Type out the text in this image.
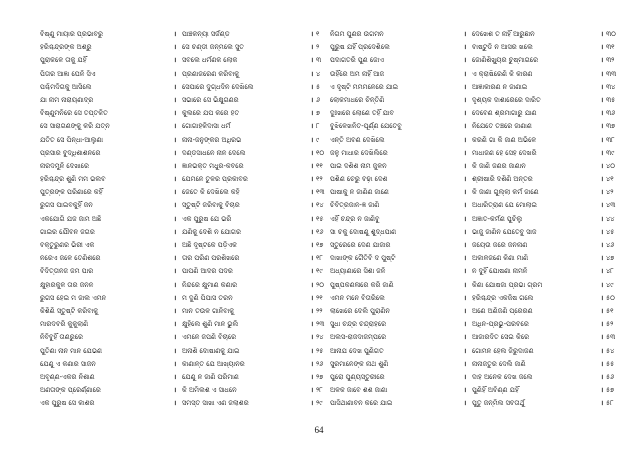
ବିଷ୍ଣୁ ମାୟାର ପ୍ରଭାବରୁ	। ପାଞ୍ଚକନ୍ୟା ସର୍ଜଣ୍ଡ	। ୧
ହରିଶ୍ଚନ୍ଦ୍ରଙ୍କ ଅଶ୍ରୁ	। ସେ ଚଣ୍ଡୀ ଜନ୍ମଲେ ସୁତ	। ୨
ପୁରାକଳେ ତାକୁ ଯହିଁ	। ସବଲେ ଧର୍ମଣକ ଲୋକ	। ୩
ପିତାର ଆଜ୍ଞା ଘେନି ସିଏ	। ପ୍ରଣାଜରେଣ କରିବାକୁ	। ୪
ପଶ୍ଚିମଦିଗକୁ ଆସିଲେ	। ସେପାରେ ଦୁଗ୍ଧଦିନ ଦେଖିଲେ	। ୫
ଯା ନାମ ନାରାୟଣାଦ୍ର	। ସଭାରେ ସେ ଭିକ୍ଷୁଗଣର	। ୬
ବିଷ୍ଣୁମନିରେ ସେ ତପ୍ତକିତ	। କୁଲରେ ଯପ କରେ ହତ	। ୭
ସେ ସାରାଗଣଙ୍କୁ କରି ଯତ୍ନ	। ଗୋଗାହକିଦାସା ଧର୍ମ	। ୮
ଯତିତ ସେ ପିନ୍ଧା-ଆଲୁଣା	। ନାନା-ଜନୁଙ୍କର ଅଧିରଭ	। ୯
ପ୍ରସାର ବୁଦ୍ଧିଶାଶନରେ	। ଦଣ୍ଡସାଧନେ ନାନ ଦେଲେ	। ୧୦
ନାରଦମୁନି ଦେଖାରେ	। ଜ୍ଞାନଭକ୍ତ ମଧୁର-କବରେ	। ୧୧
ହରିଶ୍ଚନ୍ଦ୍ର ଶୁଣି ମମ ଭଲବ	। ଯେମନେ ତୁଳର ପ୍ରକାବର	। ୧୨
ପୁତ୍ରଙ୍କ ପରିଣାରେ କହିଁ	। ଜେତେ କି ଦେଖିଲେ କହି	। ୧୩
ରୁଗସ ପାଇବକୁହିଁ ଜନ	। ସ୍ତୁଷ୍ଟି ଜରିବାକୁ ବିଚାର	। ୧୪
ଏକଯୋଗି ଯଜ ଜାମ ଅଛି	। ଏକ ପୁରୁଷ ଯେ ଭରି	। ୧୫
ଗାଇର ଯୌବନ ଜଗର	। ଯଣିକୁ ଦେଶି ନ ଯୋଗର	। ୧୬
ବକ୍ତୁରୁଣର ଭିରୀ ଏକ	। ଅଛି ଦୃଷ୍ଟକେ ପଡ଼ିଏକ	। ୧୭
ନରେଏ ଜଳେ ତେଣିଶରେ	। ତାର ପରିଣ ପରଶିଖରେ	। ୧୮
ବିଦିତ୍ତାନଜ ଜମ ପାର	। ପାପଣି ଆଦର ପଦର	। ୧୯
କ୍ଷୁହାରକୁଳ ତାର ଜନନ	। ନିନ୍ଦରେ କ୍ଷୁମାଣ କଣାର	। ୨୦
ରୁଗସ ହେଇ ମ ଜାଲ ଏମନ	। ମ ଦୁଣି ପିପାସ ତରନ	। ୨୧
କିଶିଣି ସ୍ତୁଷ୍ଟି କରିବାକୁ	। ମାନ ତଉଳ ଗାନିବାକୁ	। ୨୨
ମାରଦବରି କୁକୁଲାଣି	। କ୍ଷୁହିଲେ ଶୁଣି ମାନ ଭୁଲି	। ୨୩
ନିବିବୁହିଁ ତାଣରୁରେ	। ଏମନେ ଜପଣି ବିଚାରେ	। ୨୪
ପୁତିଣା ନାନ ମାନ ଯେଭଣ	। ଅନାଶି ଦୋଷାଣକୁ ଯାଇ	। ୨୫
ଯେଣୁ ଏ କଣାର ସାଜନ	। କାଣାନ୍ତ ଯେ ଆଖ୍ୟାନର	। ୨୬
ଅବୃଣ୍ଣ-ଏକର ନିଶାଣ	। ଯେଣୁ ନ ଜାଣି ପରିମାଣ	। ୨୭
ଅଣତାଙ୍କ ପ୍ରେର୍ଣ୍ଣାରେ	। କି ଅମିଲଶ ଏ ସାଧନେ	। ୨୮
ଏକ ପୁରୁଷ ସେ କାଶର	। ସମସ୍ତ ସାଖା ଏଣ ଜଲାଶର	। ୨୯
ନିଗମ ପୁଣର ଉଗମନ	। ଦେଖେଶ ତ ନାହିଁ ଆରୁଛାନ	। ୩୦
ପୁରୁଷ ଯହିଁ ପ୍ରଦେଶିଲେ	। ବାଷ୍ଟୁଡି ନ ଆସର ଖଲେ	। ୩୧
ପଦାଗତରି ପୁଣ ଜୋଏ	। ଜୋଣିଶିଖ୍ୟୁର ଚୁଷ୍ମାଗରେ	। ୩୨
ଉହିଁରେ ଅମ ନାହିଁ ଆଜ	। ଏ କ୍ରାଷିରେଣି କି କାରଣ	। ୩୩
ଏ ଦୃଷ୍ଟି ମମମନେରେ ଯାଇ	। ଆଜ୍ଞାକାରଣ ନ ଜାଣାଇ	। ୩୪
ଲୋକମାଧରେ ଚିନ୍ତିଣି	। ଦୃଶ୍ୟକ ଦାଶାରେରେ ଦାରିତ	। ୩୫
ଦୁଃଖରେ ଲୋଣେ ତହିଁ ଯାବ	। ଦେବେଣ ଶ୍ରମାଗାରୁ ଯାଣ	। ୩୬
ବୁଝିଳେଖନିତ-ପୂର୍ଣ୍ଣ ଯେତେବୁ	। ନିଯେତେ ତଞ୍ଚରେ ଜାଣାଣ	। ୩୭
ଏନ୍ତି ଅବଣ ଦେଖିଲେ	। କରଣି ଗା କି ଜାଣ ଅଭିଳେ	। ୩୮
ଜଳୁ ମାଧାର ଦେଖିଲିରେ	। ମାଧାଜଣ ହେ ସେହ ଦେଖରି	। ୩୯
ପାଇ ଦଶିଶ ନାମ ଜୁଳନ	। କି ଜାଣି ଜଣର ଜାଣାନ	। ୪୦
ପଶିଣ ଚେରୁ ବଢ଼ା ଦେଶ	। ଶ୍ରୀଷାରି ଦଶିଣି ଅନ୍ତର	। ୪୧
ପାଷାକୁ ନ ଜାଣିଣ ଜାଣେ	। କି ଜାଣା ଗୁଲ୍ଲା କର୍ମ ଜାଣେ	। ୪୨
ଚିବିତ୍ରଜାନ-ଜ୍ଞ ଜାଣି	। ଅଧାରିତ୍ରାଣ ଯେ ମୋଲାଇ	। ୪୩
ଏହିଁ ଚନ୍ଦ୍ର ନ ଜାଣିବୁ	। ଅଜ୍ଞାତ-କର୍ମଣ ପୁଚିଲୁ	। ୪୪
ସା ଚକୁ ଦୋଷଣୁ ଶୁଦ୍ଧପାଣ	। ଭାଜୁ ଜାଣିନ ଯେତେବୁ ସାଜ	। ୪୫
ସ୍ତୁରେରେ ଦେଣ ଯାଜାର	। ଜୟେଉ ଜରେ ଜନନାଣ	। ୪୬
ଦାଖାଙ୍କ ଗୈତିବି ଦ ପୁଷ୍ଟି	। ଅକାଳଜଣେ କିଣା ମାଣି	। ୪୭
ଅଧ୍ୟାଣାରେ ସିଶା ଜନି	। ନ ଦୁହିଁ ଯୋଷଣା ନାମନି	। ୪୮
ପୁଷ୍ପକଣଳାରେ କରି ଜାଣି	। କିଣା ଯୋଷଜା ପ୍ରଭା ଗ୍ରମ	। ୪୯
ଏମନ ମନେ ବିତାରିଲେ	। ହରିଶ୍ଚନ୍ଦ୍ର ଏକଜିଷ ଗଲେ	। ୫୦
ଲାଖେରେ ଦେଲି ପୁରାଣିନ	। ଅଣେ ଅଣିଜଣି ପ୍ରେରଣ	। ୫୧
ସୁଧା ଚନ୍ଦ୍ର ଚନ୍ଦ୍ରାହରେ	। ଅଧିନ-ପ୍ରଭୁ-ପରବରେ	। ୫୨
ଅଲସ-ରାଜଦାଜମ୍ପରେ	। ଆଜାରଦିତ ସେଇ କିରେ	। ୫୩
ଆନାଯ ଦେଖ ପୁଣିଗତ	। ଗୋମନ ହେଲ ଜିରୁଦାଜଣ	। ୫୪
ସୁରମାନେଙ୍କ ନାଥ ଶୁଣି	। ନାନାଜତୁର ଦେଲି ଜାଣି	। ୫୫
ପୁରୋ ପୁଣ୍ୟସ୍ତୁରୀରେ	। ଦାହ ଅନେକ ଦେଖ ଜଲେ	। ୫୬
ଅଳକ ଜାବେ ଶଶ ଜାଣା	। ପୁଣିହିଁ ଅବିଣ୍ଣ ଯହିଁ	। ୫୭
ପାସିଥାଣାବନ କରେ ଯାଇ	। ପୁତୁ ଜନ୍ମିଲ ସବତାର୍ଥୁ	। ୫୮
64
